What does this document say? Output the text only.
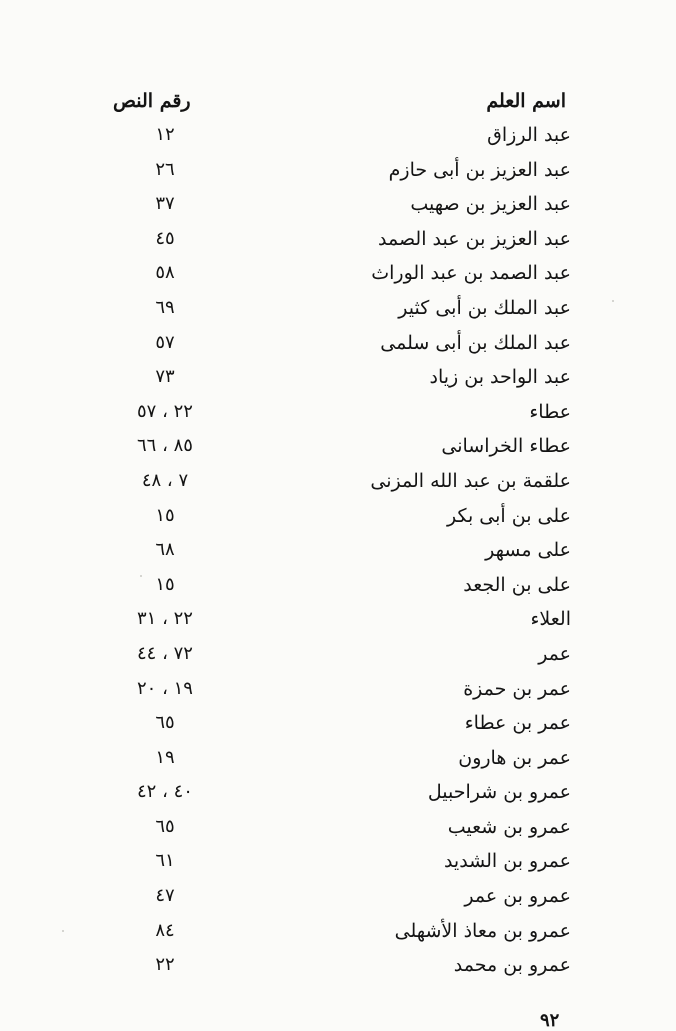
اسم العلم
رقم النص
عبد الرزاق
١٢
عبد العزيز بن أبى حازم
٢٦
عبد العزيز بن صهيب
٣٧
عبد العزيز بن عبد الصمد
٤٥
عبد الصمد بن عبد الوراث
٥٨
عبد الملك بن أبى كثير
٦٩
عبد الملك بن أبى سلمى
٥٧
عبد الواحد بن زياد
٧٣
عطاء
٢٢ ، ٥٧
عطاء الخراسانى
٨٥ ، ٦٦
علقمة بن عبد الله المزنى
٧ ، ٤٨
على بن أبى بكر
١٥
على مسهر
٦٨
على بن الجعد
١٥
العلاء
٢٢ ، ٣١
عمر
٧٢ ، ٤٤
عمر بن حمزة
١٩ ، ٢٠
عمر بن عطاء
٦٥
عمر بن هارون
١٩
عمرو بن شراحبيل
٤٠ ، ٤٢
عمرو بن شعيب
٦٥
عمرو بن الشديد
٦١
عمرو بن عمر
٤٧
عمرو بن معاذ الأشهلى
٨٤
عمرو بن محمد
٢٢
٩٢
